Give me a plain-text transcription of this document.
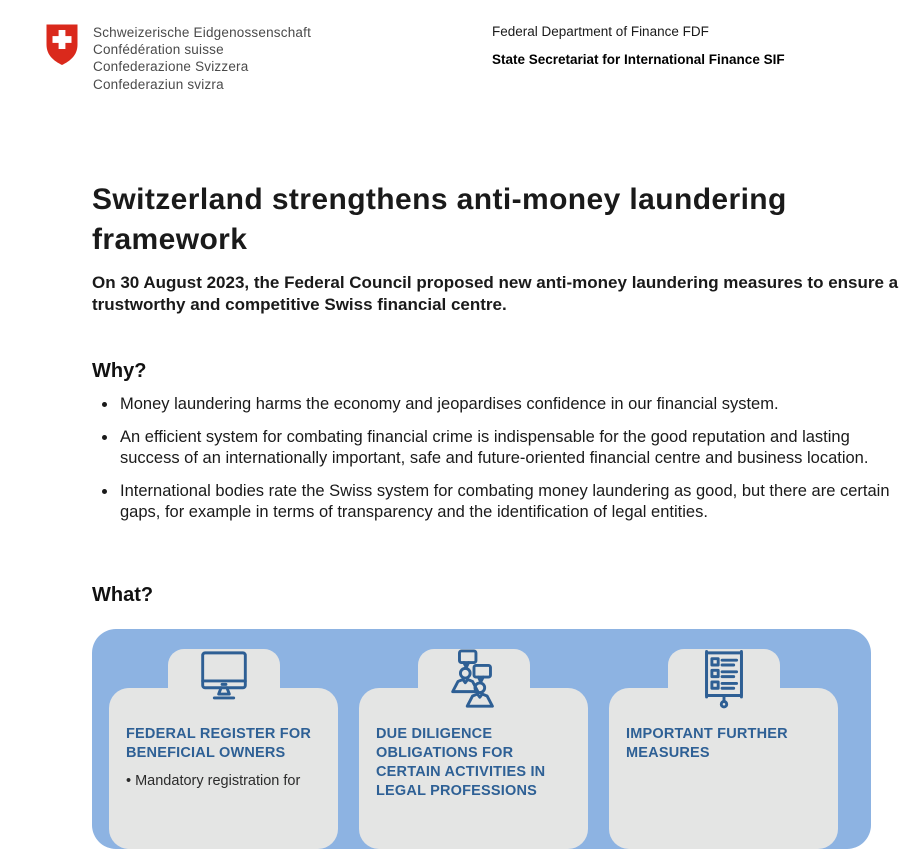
Schweizerische Eidgenossenschaft
Confédération suisse
Confederazione Svizzera
Confederaziun svizra
Federal Department of Finance FDF
State Secretariat for International Finance SIF
Switzerland strengthens anti-money laundering framework
On 30 August 2023, the Federal Council proposed new anti-money laundering measures to ensure a trustworthy and competitive Swiss financial centre.
Why?
• Money laundering harms the economy and jeopardises confidence in our financial system.
• An efficient system for combating financial crime is indispensable for the good reputation and lasting success of an internationally important, safe and future-oriented financial centre and business location.
• International bodies rate the Swiss system for combating money laundering as good, but there are certain gaps, for example in terms of transparency and the identification of legal entities.
What?
FEDERAL REGISTER FOR BENEFICIAL OWNERS
• Mandatory registration for
DUE DILIGENCE OBLIGATIONS FOR CERTAIN ACTIVITIES IN LEGAL PROFESSIONS
IMPORTANT FURTHER MEASURES
